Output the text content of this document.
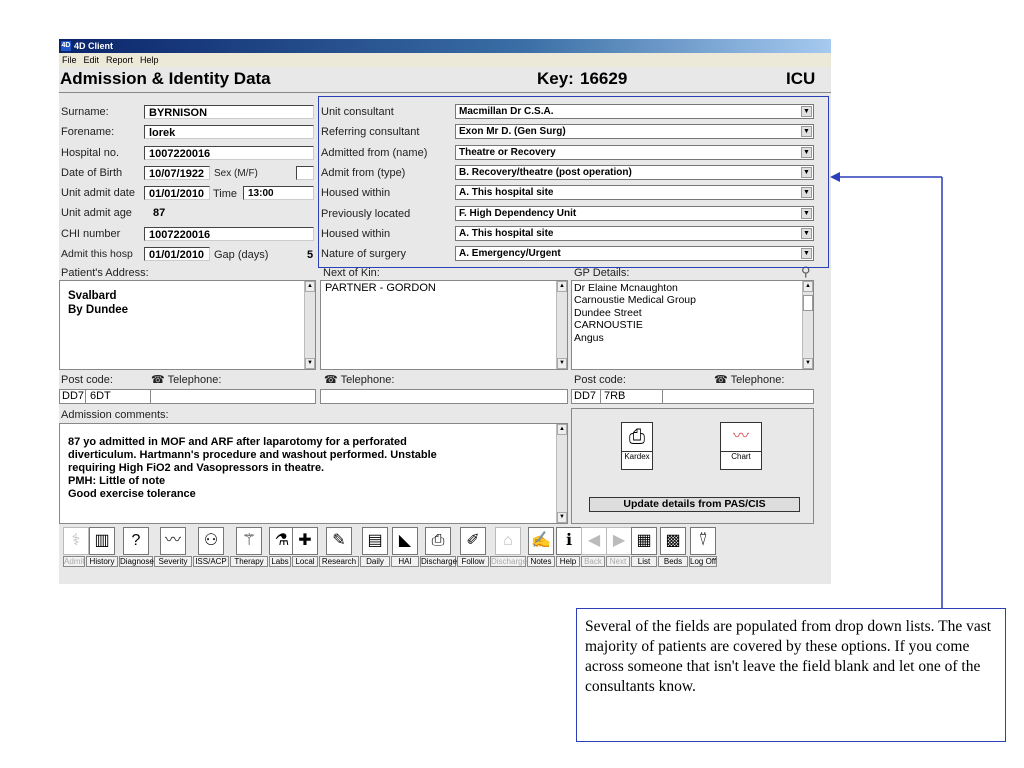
4D 4D Client
File Edit Report Help
Admission & Identity Data	Key: 16629	ICU
Surname:	BYRNISON
Forename:	lorek
Hospital no.	1007220016
Date of Birth	10/07/1922 Sex (M/F)
Unit admit date	01/01/2010 Time	13:00
Unit admit age 87
CHI number	1007220016
Admit this hosp	01/01/2010 Gap (days)	5
Unit consultant	Macmillan Dr C.S.A.	▼
Referring consultant	Exon Mr D. (Gen Surg)	▼
Admitted from (name)	Theatre or Recovery	▼
Admit from (type)	B. Recovery/theatre (post operation)	▼
Housed within	A. This hospital site	▼
Previously located	F. High Dependency Unit	▼
Housed within	A. This hospital site	▼
Nature of surgery	A. Emergency/Urgent	▼
Patient's Address:
Svalbard
By Dundee
▲
▼
Post code:	☎ Telephone:
DD7 6DT
Next of Kin:
PARTNER - GORDON	▲
▼
☎ Telephone:
GP Details:	⚲
Dr Elaine Mcnaughton
Carnoustie Medical Group
Dundee Street
CARNOUSTIE
Angus
▲
▼
Post code:	☎ Telephone:
DD7 7RB
Admission comments:
87 yo admitted in MOF and ARF after laparotomy for a perforated
diverticulum. Hartmann's procedure and washout performed. Unstable
requiring High FiO2 and Vasopressors in theatre.
PMH: Little of note
Good exercise tolerance
▲
▼
⎙
Kardex
〰
Chart
Update details from PAS/CIS
⚕
Admit
▥
History
?
Diagnose
〰
Severity
⚇
ISS/ACP
⚚
Therapy
⚗
Labs
✚
Local
✎
Research
▤
Daily
◣
HAI
⎙
Discharge
✐
Follow
⌂
Discharge
✍
Notes
ℹ
Help
◀
Back
▶
Next
▦
List
▩
Beds
⍢
Log Off
Several of the fields are populated from drop down lists. The vast majority of patients are covered by these options. If you come across someone that isn't leave the field blank and let one of the consultants know.
